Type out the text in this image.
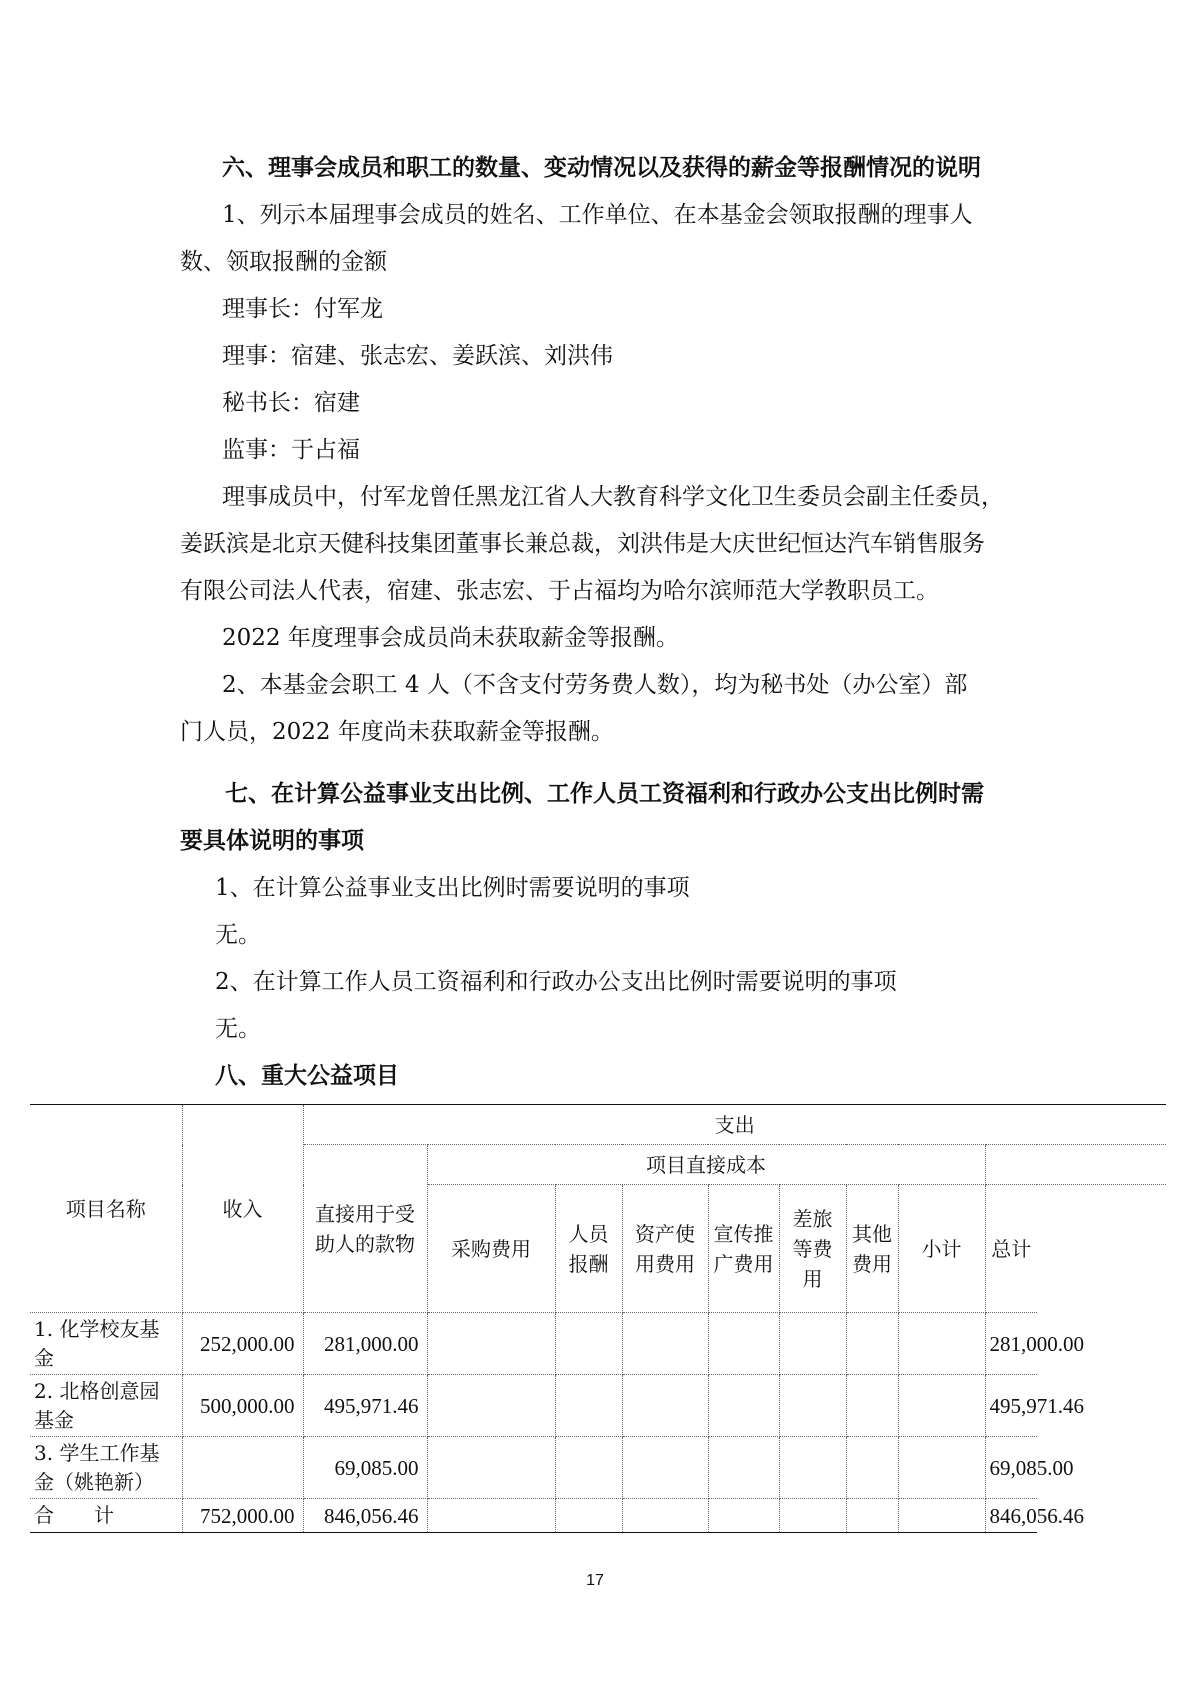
六、理事会成员和职工的数量、变动情况以及获得的薪金等报酬情况的说明
1、列示本届理事会成员的姓名、工作单位、在本基金会领取报酬的理事人
数、领取报酬的金额
理事长：付军龙
理事：宿建、张志宏、姜跃滨、刘洪伟
秘书长：宿建
监事：于占福
理事成员中，付军龙曾任黑龙江省人大教育科学文化卫生委员会副主任委员，
姜跃滨是北京天健科技集团董事长兼总裁，刘洪伟是大庆世纪恒达汽车销售服务
有限公司法人代表，宿建、张志宏、于占福均为哈尔滨师范大学教职员工。
2022 年度理事会成员尚未获取薪金等报酬。
2、本基金会职工 4 人（不含支付劳务费人数），均为秘书处（办公室）部
门人员，2022 年度尚未获取薪金等报酬。
七、在计算公益事业支出比例、工作人员工资福利和行政办公支出比例时需
要具体说明的事项
1、在计算公益事业支出比例时需要说明的事项
无。
2、在计算工作人员工资福利和行政办公支出比例时需要说明的事项
无。
八、重大公益项目
项目名称	收入	支出								
		直接用于受助人的款物	项目直接成本							
			采购费用	人员报酬	资产使用费用	宣传推广费用	差旅等费用	其他费用	小计	总计
1. 化学校友基金	252,000.00	281,000.00								281,000.00
2. 北格创意园基金	500,000.00	495,971.46								495,971.46
3. 学生工作基金（姚艳新）		69,085.00								69,085.00
合　　计	752,000.00	846,056.46								846,056.46
17
